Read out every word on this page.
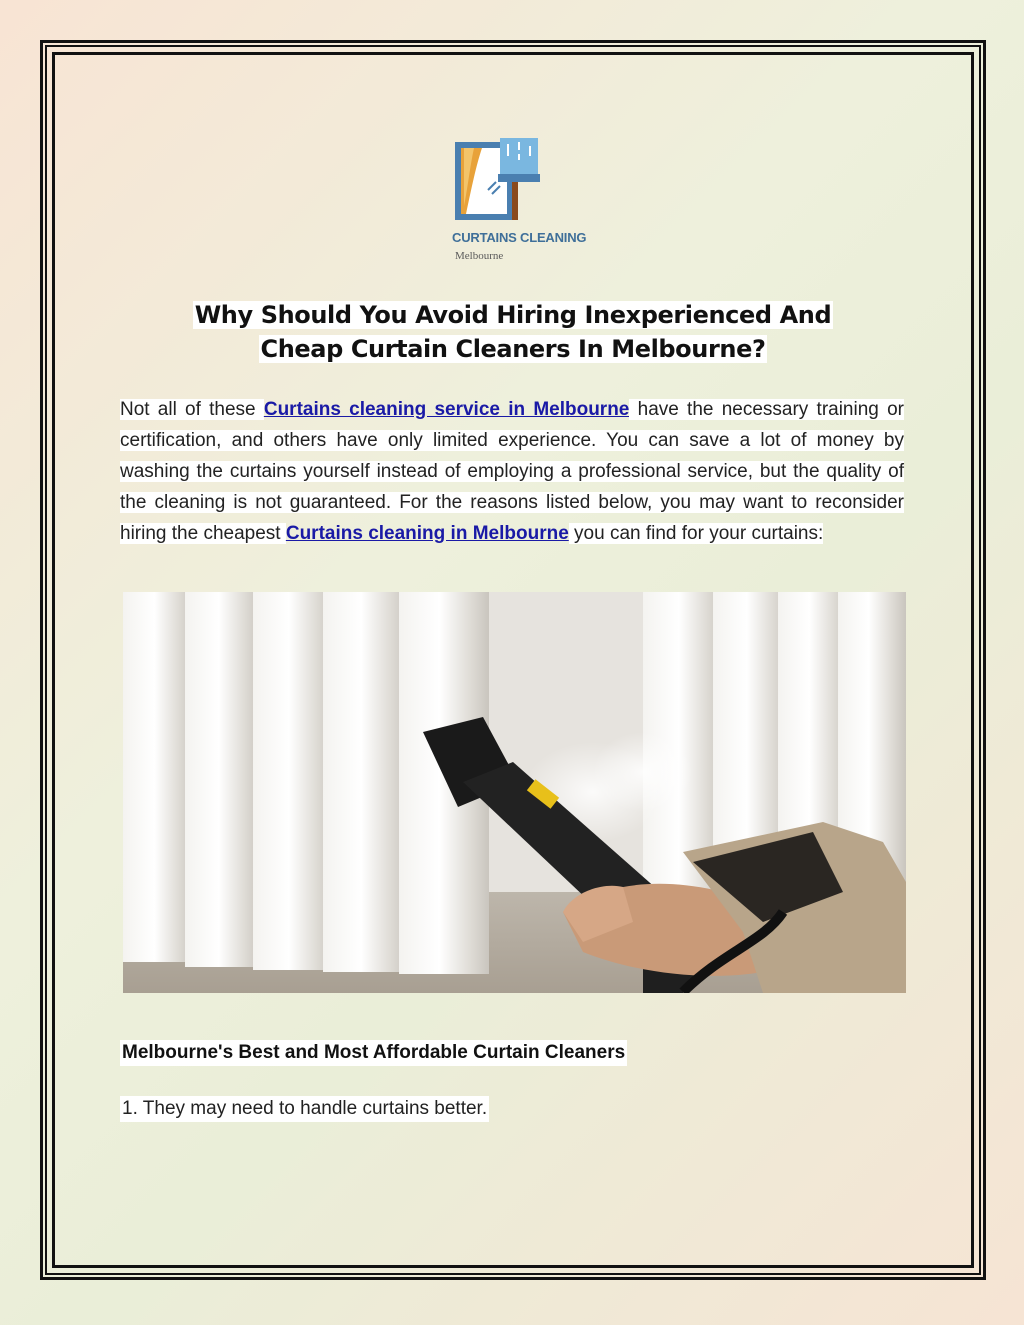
CURTAINS CLEANING
Melbourne
Why Should You Avoid Hiring Inexperienced And
Cheap Curtain Cleaners In Melbourne?
Not all of these Curtains cleaning service in Melbourne have the necessary training or certification, and others have only limited experience. You can save a lot of money by washing the curtains yourself instead of employing a professional service, but the quality of the cleaning is not guaranteed. For the reasons listed below, you may want to reconsider hiring the cheapest Curtains cleaning in Melbourne you can find for your curtains:
Melbourne's Best and Most Affordable Curtain Cleaners
1. They may need to handle curtains better.
